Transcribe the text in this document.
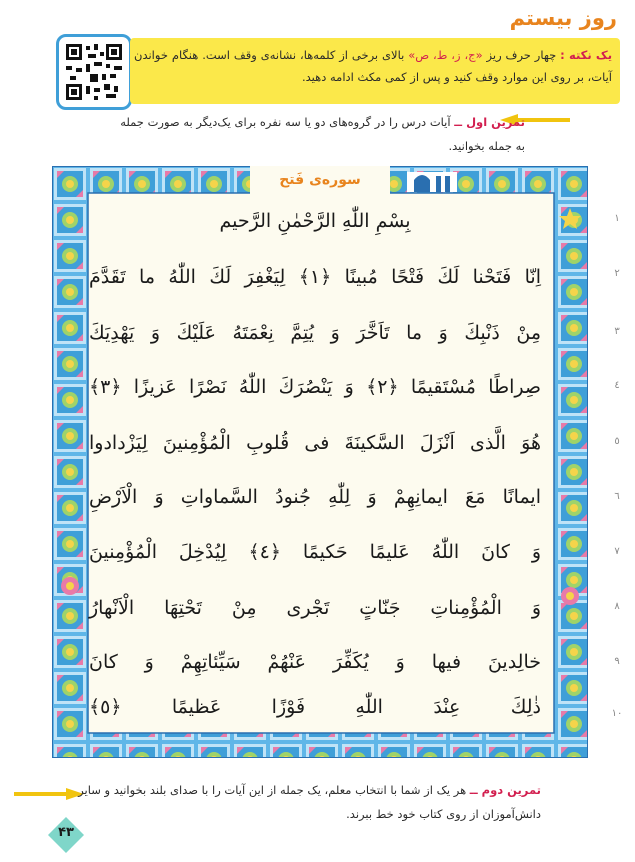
روز بیستم
یک نکته : چهار حرف ریز «ج، ز، ط، ص» بالای برخی از کلمه‌ها، نشانه‌ی وقف است. هنگام خواندن آیات، بر روی این موارد وقف کنید و پس از کمی مکث ادامه دهید.
تمرین اول ــ آیات درس را در گروه‌های دو یا سه نفره برای یک‌دیگر به صورت جمله به جمله بخوانید.
سوره‌ی فَتح
١
بِسْمِ اللّٰهِ الرَّحْمٰنِ الرَّحیم
٢
اِنّا فَتَحْنا لَكَ فَتْحًا مُبینًا ﴿١﴾ لِیَغْفِرَ لَكَ اللّٰهُ ما تَقَدَّمَ
٣
مِنْ ذَنْبِكَ وَ ما تَاَخَّرَ وَ یُتِمَّ نِعْمَتَهُ عَلَیْكَ وَ یَهْدِیَكَ
٤
صِراطًا مُسْتَقیمًا ﴿٢﴾ وَ یَنْصُرَكَ اللّٰهُ نَصْرًا عَزیزًا ﴿٣﴾
٥
هُوَ الَّذی اَنْزَلَ السَّكینَةَ فی قُلوبِ الْمُؤْمِنینَ لِیَزْدادوا
٦
ایمانًا مَعَ ایمانِهِمْ وَ لِلّٰهِ جُنودُ السَّماواتِ وَ الْاَرْضِ
٧
وَ كانَ اللّٰهُ عَلیمًا حَكیمًا ﴿٤﴾ لِیُدْخِلَ الْمُؤْمِنینَ
٨
وَ الْمُؤْمِناتِ جَنّاتٍ تَجْری مِنْ تَحْتِهَا الْاَنْهارُ
٩
خالِدینَ فیها وَ یُكَفِّرَ عَنْهُمْ سَیِّئاتِهِمْ وَ كانَ
١٠
ذٰلِكَ عِنْدَ اللّٰهِ فَوْزًا عَظیمًا ﴿٥﴾
تمرین دوم ــ هر یک از شما با انتخاب معلم، یک جمله از این آیات را با صدای بلند بخوانید و سایر دانش‌آموزان از روی کتاب خود خط ببرند.
۴۳
